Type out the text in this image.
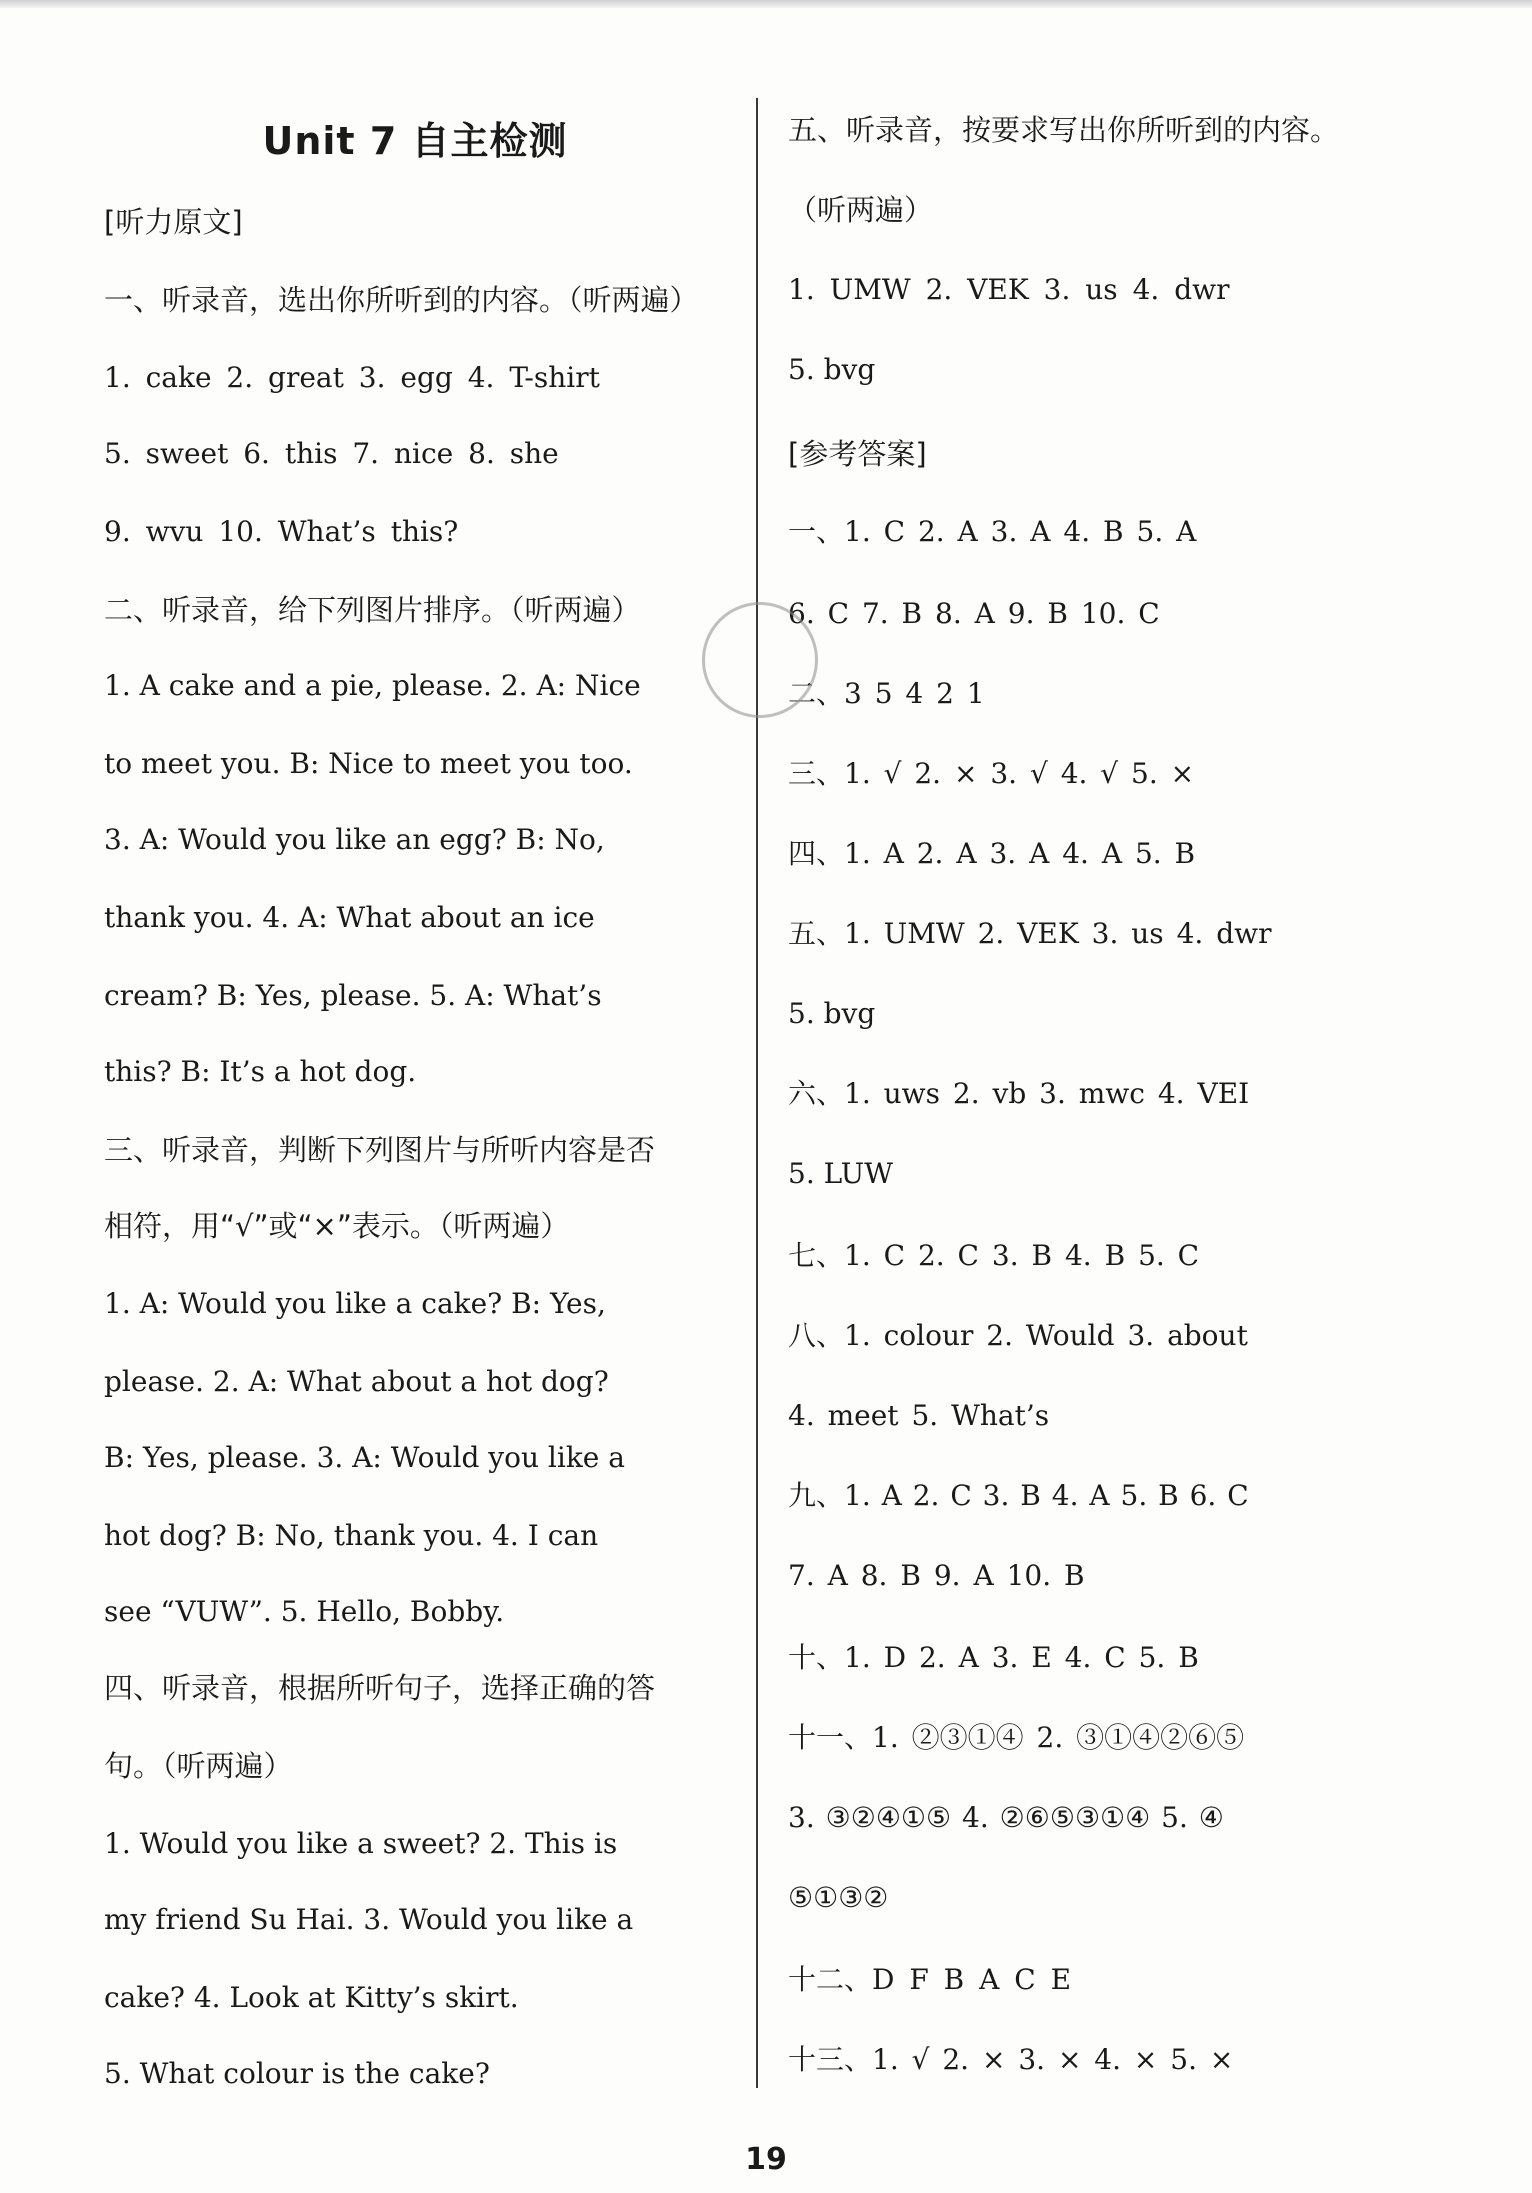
Unit 7 自主检测
[听力原文]
一、听录音，选出你所听到的内容。（听两遍）
1. cake 2. great 3. egg 4. T-shirt
5. sweet 6. this 7. nice 8. she
9. wvu 10. What’s this?
二、听录音，给下列图片排序。（听两遍）
1. A cake and a pie, please. 2. A: Nice
to meet you. B: Nice to meet you too.
3. A: Would you like an egg? B: No,
thank you. 4. A: What about an ice
cream? B: Yes, please. 5. A: What’s
this? B: It’s a hot dog.
三、听录音，判断下列图片与所听内容是否
相符，用“√”或“×”表示。（听两遍）
1. A: Would you like a cake? B: Yes,
please. 2. A: What about a hot dog?
B: Yes, please. 3. A: Would you like a
hot dog? B: No, thank you. 4. I can
see “VUW”. 5. Hello, Bobby.
四、听录音，根据所听句子，选择正确的答
句。（听两遍）
1. Would you like a sweet? 2. This is
my friend Su Hai. 3. Would you like a
cake? 4. Look at Kitty’s skirt.
5. What colour is the cake?
五、听录音，按要求写出你所听到的内容。
（听两遍）
1. UMW 2. VEK 3. us 4. dwr
5. bvg
[参考答案]
一、1. C 2. A 3. A 4. B 5. A
6. C 7. B 8. A 9. B 10. C
二、3 5 4 2 1
三、1. √ 2. × 3. √ 4. √ 5. ×
四、1. A 2. A 3. A 4. A 5. B
五、1. UMW 2. VEK 3. us 4. dwr
5. bvg
六、1. uws 2. vb 3. mwc 4. VEI
5. LUW
七、1. C 2. C 3. B 4. B 5. C
八、1. colour 2. Would 3. about
4. meet 5. What’s
九、1. A 2. C 3. B 4. A 5. B 6. C
7. A 8. B 9. A 10. B
十、1. D 2. A 3. E 4. C 5. B
十一、1. ②③①④ 2. ③①④②⑥⑤
3. ③②④①⑤ 4. ②⑥⑤③①④ 5. ④
⑤①③②
十二、D F B A C E
十三、1. √ 2. × 3. × 4. × 5. ×
19
